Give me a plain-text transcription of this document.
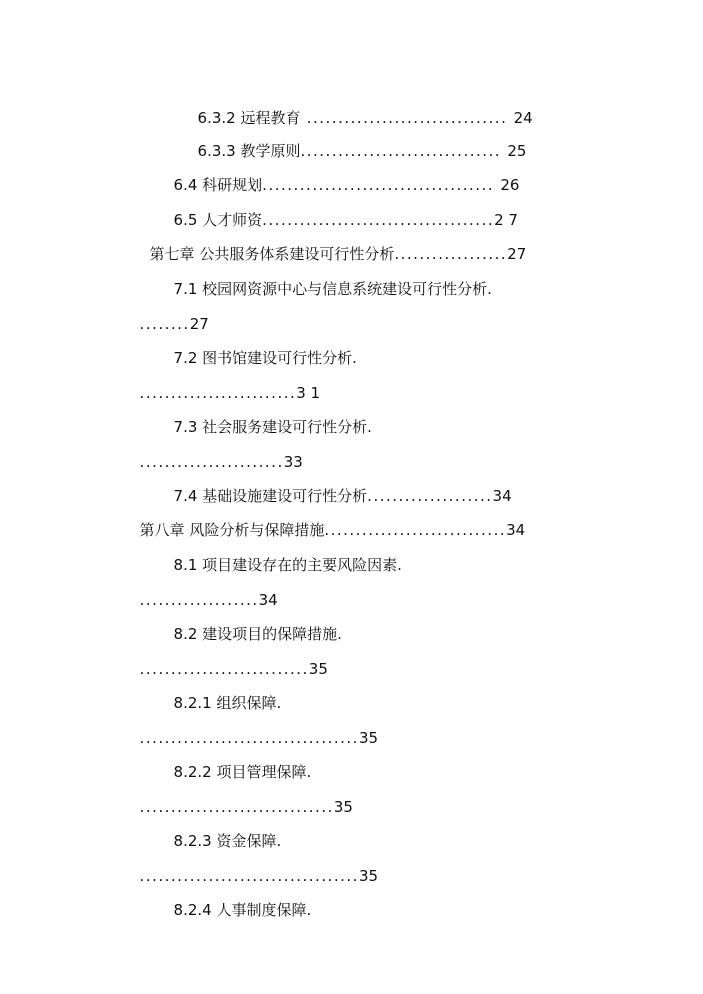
6.3.2 远程教育 ................................ 24

6.3.3 教学原则................................ 25

6.4 科研规划..................................... 26

6.5 人才师资.....................................2 7

第七章 公共服务体系建设可行性分析..................27

7.1 校园网资源中心与信息系统建设可行性分析.

........27

7.2 图书馆建设可行性分析.

.........................3 1

7.3 社会服务建设可行性分析.

.......................33

7.4 基础设施建设可行性分析....................34

第八章 风险分析与保障措施.............................34

8.1 项目建设存在的主要风险因素.

...................34

8.2 建设项目的保障措施.

...........................35

8.2.1 组织保障.

...................................35

8.2.2 项目管理保障.

...............................35

8.2.3 资金保障.

...................................35

8.2.4 人事制度保障.
